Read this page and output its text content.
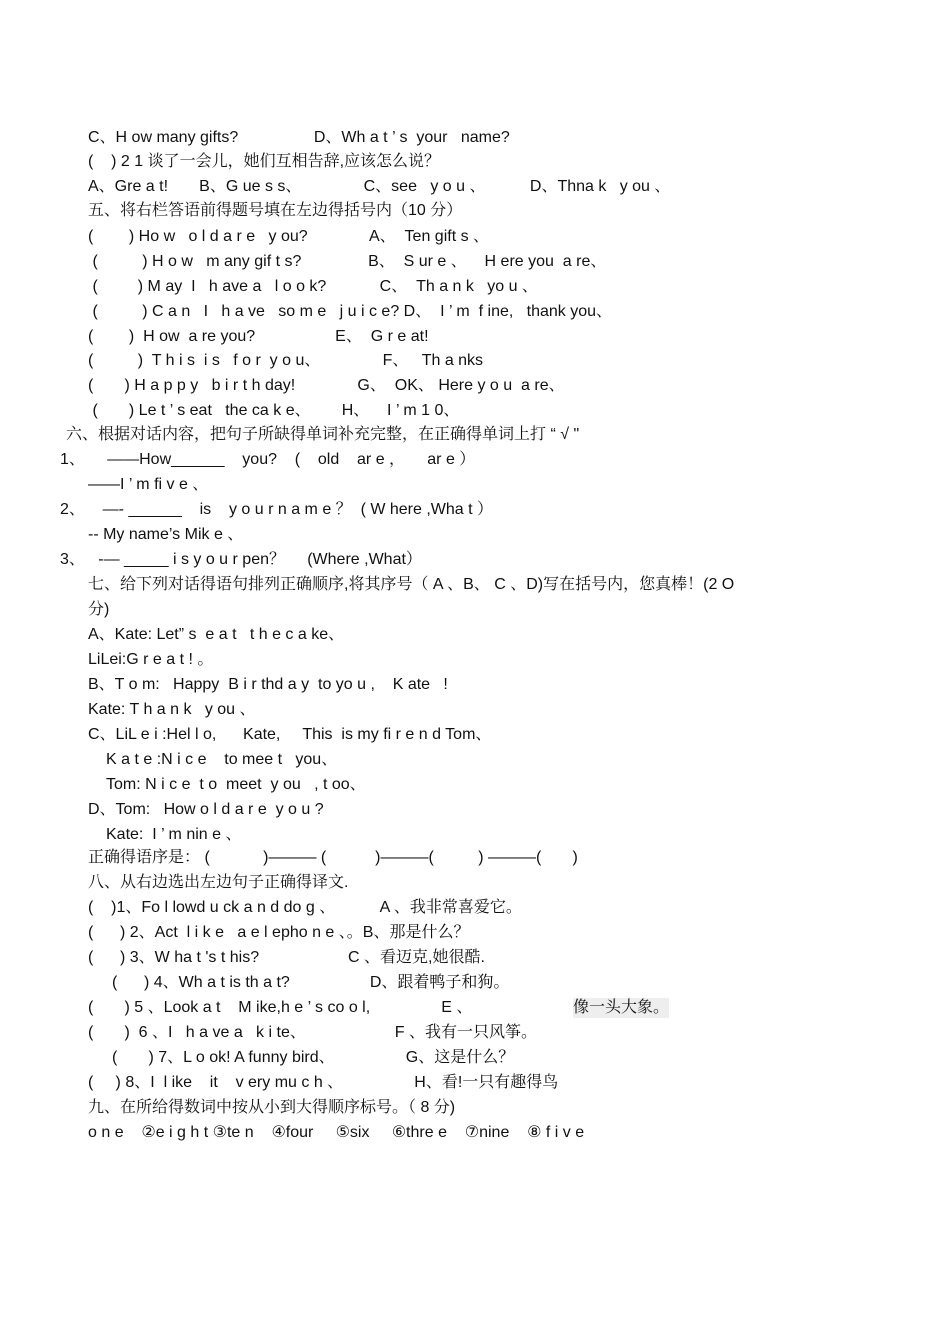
C、H ow many gifts?                 D、Wh a t ’ s  your   name?
(    ) 2 1 谈了一会儿，她们互相告辞,应该怎么说？
A、Gre a t!       B、G ue s s、              C、see   y o u 、          D、Thna k   y ou 、
五、将右栏答语前得题号填在左边得括号内（10 分）
(        ) Ho w   o l d a r e   y ou?              A、  Ten gift s 、
(          ) H o w   m any gif t s?               B、  S ur e 、    H ere you  a re、
(         ) M ay  I   h ave a   l o o k?            C、  Th a n k   yo u 、
(          ) C a n   I   h a ve   so m e   j u i c e? D、  I ’ m  f ine,   thank you、
(        )  H ow  a re you?                  E、  G r e at!
(          )  T h i s  i s   f o r  y o u、              F、   Th a nks
(       ) H a p p y   b i r t h day!              G、  OK、 Here y o u  a re、
(       ) Le t ’ s eat   the ca k e、       H、    I ’ m 1 0、
六、根据对话内容，把句子所缺得单词补充完整，在正确得单词上打 “ √ "
1、     ——How______    you?    (    old    ar e ，     ar e ）
——I ’ m fi v e 、
2、    —- ______    is    y o u r n a m e ？  ( W here ,Wha t ）
-- My name’s Mik e 、
3、   -— _____ i s y o u r pen？     (Where ,What）
七、给下列对话得语句排列正确顺序,将其序号（ A 、B、 C 、D)写在括号内，您真棒！(2 O
分)
A、Kate: Let” s  e a t   t h e c a ke、
LiLei:G r e a t ! 。
B、T o m:   Happy  B i r thd a y  to yo u ,    K ate   !
Kate: T h a n k   y ou 、
C、LiL e i :Hel l o,      Kate,     This  is my fi r e n d Tom、
K a t e :N i c e    to mee t   you、
Tom: N i c e  t o  meet  y ou   , t oo、
D、Tom:   How o l d a r e  y o u ?
Kate:  I ’ m nin e 、
正确得语序是： (            )——— (           )———(          ) ———(       )
八、从右边选出左边句子正确得译文.
(    )1、Fo l lowd u ck a n d do g 、          A 、我非常喜爱它。
(      ) 2、Act  l i k e   a e l epho n e 、。B、那是什么？
(      ) 3、W ha t 's t his?                    C 、看迈克,她很酷.
(      ) 4、Wh a t is th a t?                  D、跟着鸭子和狗。
(       ) 5 、Look a t    M ike,h e ’ s co o l,                E 、	像一头大象。
(       )  6 、I   h a ve a   k i te、                    F 、我有一只风筝。
(       ) 7、L o ok! A funny bird、                G、这是什么？
(     ) 8、I  l ike    it    v ery mu c h 、                H、看!一只有趣得鸟
九、在所给得数词中按从小到大得顺序标号。（ 8 分)
o n e    ②e i g h t ③te n    ④four     ⑤six     ⑥thre e    ⑦nine    ⑧ f i v e
